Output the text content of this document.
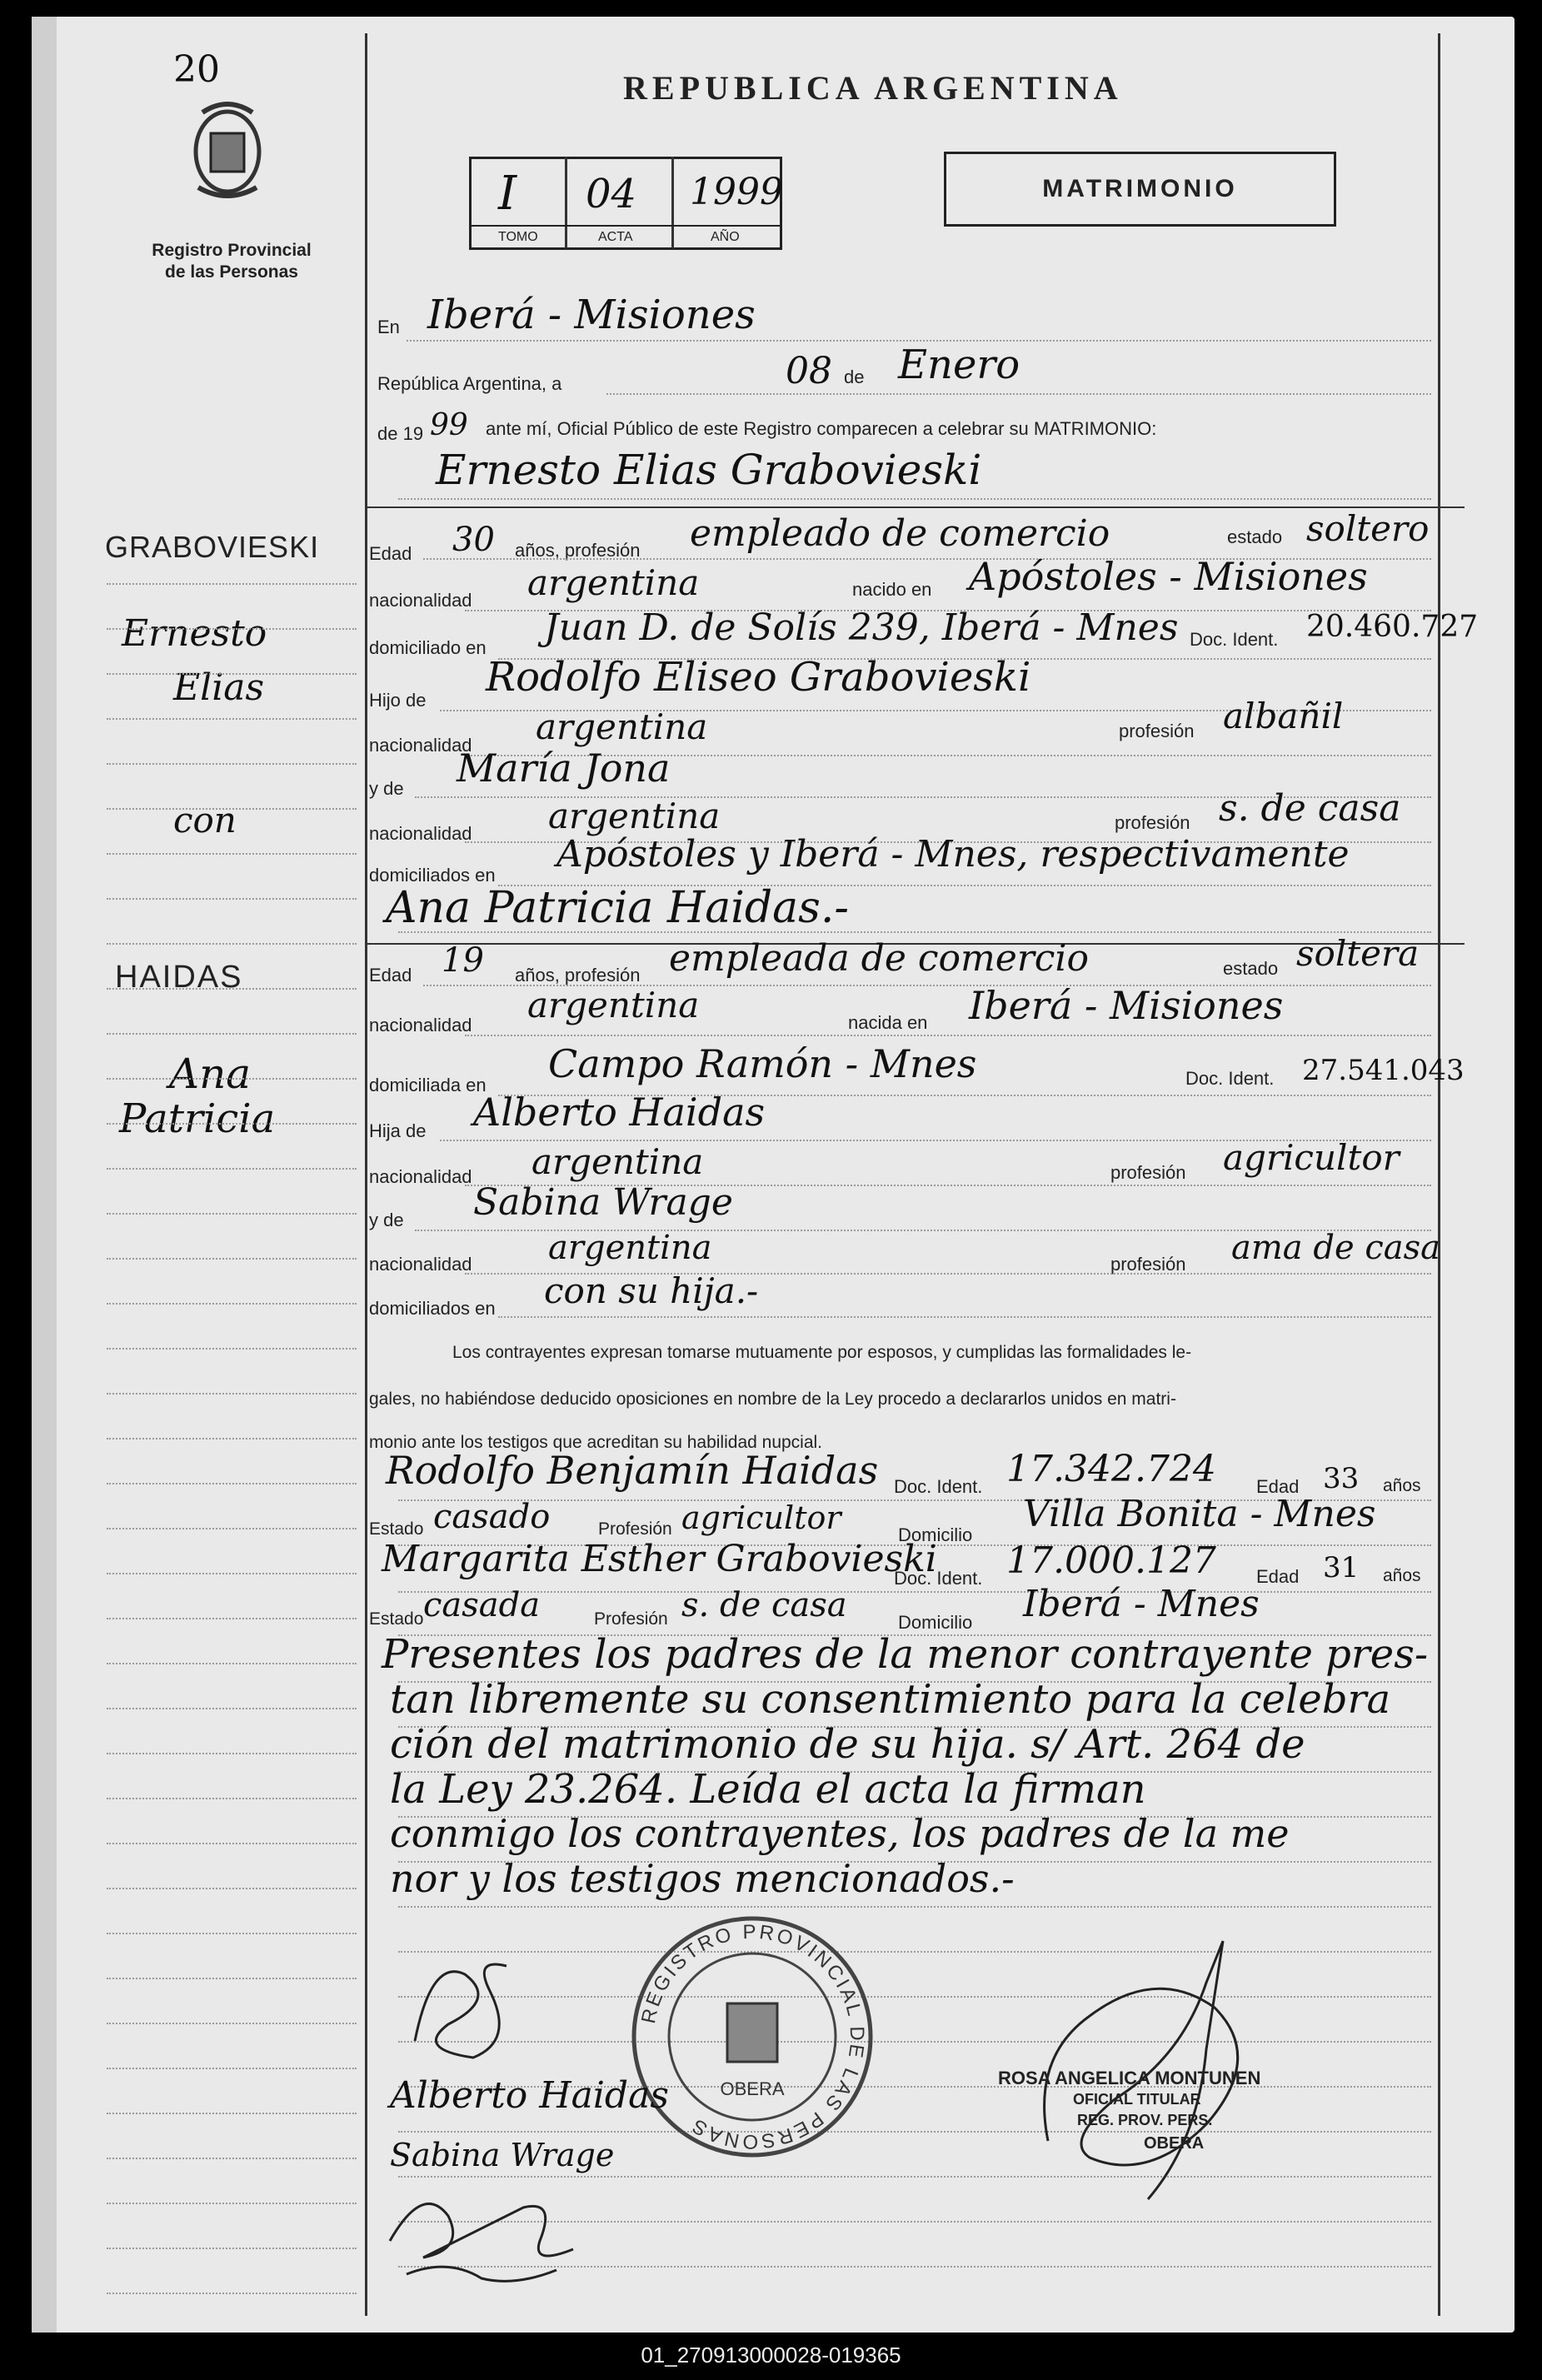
20
Registro Provincial de las Personas
REPUBLICA ARGENTINA
MATRIMONIO
I 04 1999
TOMO	ACTA	AÑO
En Iberá - Misiones
República Argentina, a	08 de Enero
de 19 99 ante mí, Oficial Público de este Registro comparecen a celebrar su MATRIMONIO:
Ernesto Elias Grabovieski
GRABOVIESKI
Ernesto
Elias
con
HAIDAS
Ana
Patricia
Edad 30 años, profesión empleado de comercio	estado soltero
nacionalidad argentina	nacido en Apóstoles - Misiones
domiciliado en Juan D. de Solís 239, Iberá - Mnes Doc. Ident. 20.460.727
Hijo de Rodolfo Eliseo Grabovieski
nacionalidad argentina	profesión albañil
y de María Jona
nacionalidad argentina	profesión s. de casa
domiciliados en Apóstoles y Iberá - Mnes, respectivamente
Ana Patricia Haidas.-
Edad 19 años, profesión empleada de comercio	estado soltera
nacionalidad argentina	nacida en Iberá - Misiones
domiciliada en Campo Ramón - Mnes	Doc. Ident. 27.541.043
Hija de Alberto Haidas
nacionalidad argentina	profesión agricultor
y de Sabina Wrage
nacionalidad argentina	profesión ama de casa
domiciliados en con su hija.-
Los contrayentes expresan tomarse mutuamente por esposos, y cumplidas las formalidades le-
gales, no habiéndose deducido oposiciones en nombre de la Ley procedo a declararlos unidos en matri-
monio ante los testigos que acreditan su habilidad nupcial.
Rodolfo Benjamín Haidas Doc. Ident. 17.342.724 Edad 33 años
Estado casado	Profesión agricultor	Domicilio Villa Bonita - Mnes
Margarita Esther Grabovieski
Doc. Ident. 17.000.127 Edad 31 años
Estado casada	Profesión s. de casa	Domicilio Iberá - Mnes
Presentes los padres de la menor contrayente pres-
tan libremente su consentimiento para la celebra
ción del matrimonio de su hija. s/ Art. 264 de
la Ley 23.264. Leída el acta la firman
conmigo los contrayentes, los padres de la me
nor y los testigos mencionados.-
REGISTRO PROVINCIAL DE LAS PERSONAS
OBERA
ROSA ANGELICA MONTUNEN
OFICIAL TITULAR
REG. PROV. PERS.
OBERA
Alberto Haidas
Sabina Wrage
01_270913000028-019365
